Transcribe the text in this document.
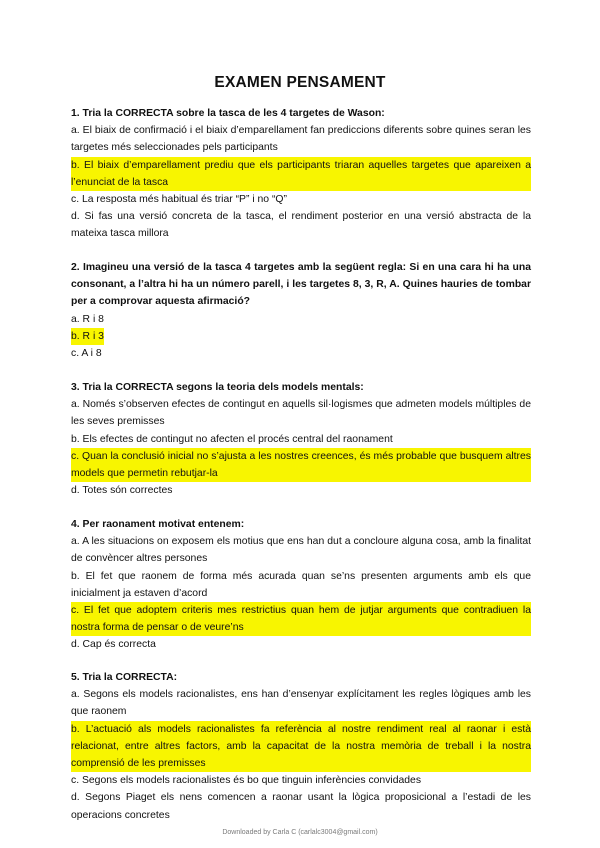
EXAMEN PENSAMENT
1. Tria la CORRECTA sobre la tasca de les 4 targetes de Wason:
a. El biaix de confirmació i el biaix d’emparellament fan prediccions diferents sobre quines seran les targetes més seleccionades pels participants
b. El biaix d’emparellament prediu que els participants triaran aquelles targetes que apareixen a l’enunciat de la tasca
c. La resposta més habitual és triar “P” i no “Q”
d. Si fas una versió concreta de la tasca, el rendiment posterior en una versió abstracta de la mateixa tasca millora
2. Imagineu una versió de la tasca 4 targetes amb la següent regla: Si en una cara hi ha una consonant, a l’altra hi ha un número parell, i les targetes 8, 3, R, A. Quines hauries de tombar per a comprovar aquesta afirmació?
a. R i 8
b. R i 3
c. A i 8
3. Tria la CORRECTA segons la teoria dels models mentals:
a. Només s’observen efectes de contingut en aquells sil·logismes que admeten models múltiples de les seves premisses
b. Els efectes de contingut no afecten el procés central del raonament
c. Quan la conclusió inicial no s’ajusta a les nostres creences, és més probable que busquem altres models que permetin rebutjar-la
d. Totes són correctes
4. Per raonament motivat entenem:
a. A les situacions on exposem els motius que ens han dut a concloure alguna cosa, amb la finalitat de convèncer altres persones
b. El fet que raonem de forma més acurada quan se’ns presenten arguments amb els que inicialment ja estaven d’acord
c. El fet que adoptem criteris mes restrictius quan hem de jutjar arguments que contradiuen la nostra forma de pensar o de veure’ns
d. Cap és correcta
5. Tria la CORRECTA:
a. Segons els models racionalistes, ens han d’ensenyar explícitament les regles lògiques amb les que raonem
b. L’actuació als models racionalistes fa referència al nostre rendiment real al raonar i està relacionat, entre altres factors, amb la capacitat de la nostra memòria de treball i la nostra comprensió de les premisses
c. Segons els models racionalistes és bo que tinguin inferències convidades
d. Segons Piaget els nens comencen a raonar usant la lògica proposicional a l’estadi de les operacions concretes
Downloaded by Carla C (carlalc3004@gmail.com)
